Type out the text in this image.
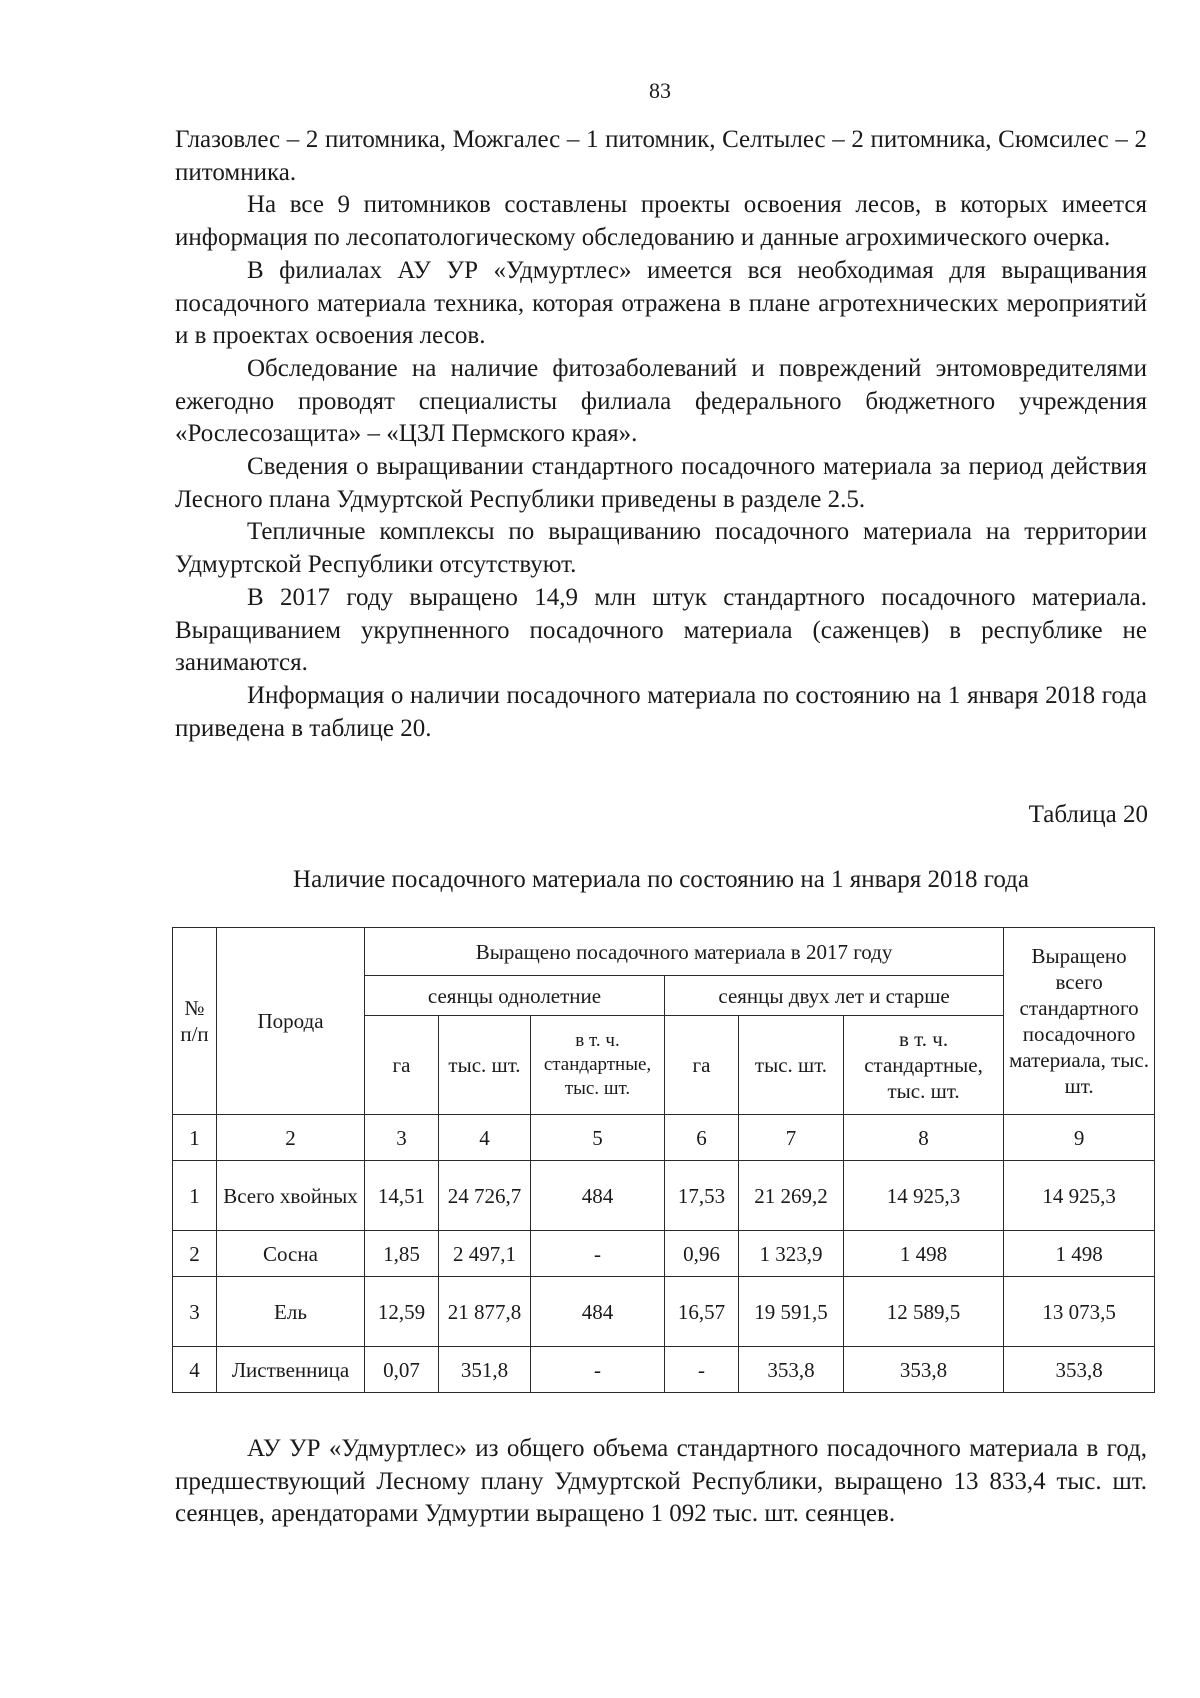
83

Глазовлес – 2 питомника, Можгалес – 1 питомник, Селтылес – 2 питомника, Сюмсилес – 2 питомника.

На все 9 питомников составлены проекты освоения лесов, в которых имеется информация по лесопатологическому обследованию и данные агрохимического очерка.

В филиалах АУ УР «Удмуртлес» имеется вся необходимая для выращивания посадочного материала техника, которая отражена в плане агротехнических мероприятий и в проектах освоения лесов.

Обследование на наличие фитозаболеваний и повреждений энтомовредителями ежегодно проводят специалисты филиала федерального бюджетного учреждения «Рослесозащита» – «ЦЗЛ Пермского края».

Сведения о выращивании стандартного посадочного материала за период действия Лесного плана Удмуртской Республики приведены в разделе 2.5.

Тепличные комплексы по выращиванию посадочного материала на территории Удмуртской Республики отсутствуют.

В 2017 году выращено 14,9 млн штук стандартного посадочного материала. Выращиванием укрупненного посадочного материала (саженцев) в республике не занимаются.

Информация о наличии посадочного материала по состоянию на 1 января 2018 года приведена в таблице 20.

Таблица 20
Наличие посадочного материала по состоянию на 1 января 2018 года
№ п/п	Порода	Выращено посадочного материала в 2017 году						Выращено всего стандартного посадочного материала, тыс. шт.
		сеянцы однолетние			сеянцы двух лет и старше			
		га	тыс. шт.	в т. ч. стандартные, тыс. шт.	га	тыс. шт.	в т. ч. стандартные, тыс. шт.	
1	2	3	4	5	6	7	8	9
1	Всего хвойных	14,51	24 726,7	484	17,53	21 269,2	14 925,3	14 925,3
2	Сосна	1,85	2 497,1	-	0,96	1 323,9	1 498	1 498
3	Ель	12,59	21 877,8	484	16,57	19 591,5	12 589,5	13 073,5
4	Лиственница	0,07	351,8	-	-	353,8	353,8	353,8

АУ УР «Удмуртлес» из общего объема стандартного посадочного материала в год, предшествующий Лесному плану Удмуртской Республики, выращено 13 833,4 тыс. шт. сеянцев, арендаторами Удмуртии выращено 1 092 тыс. шт. сеянцев.
